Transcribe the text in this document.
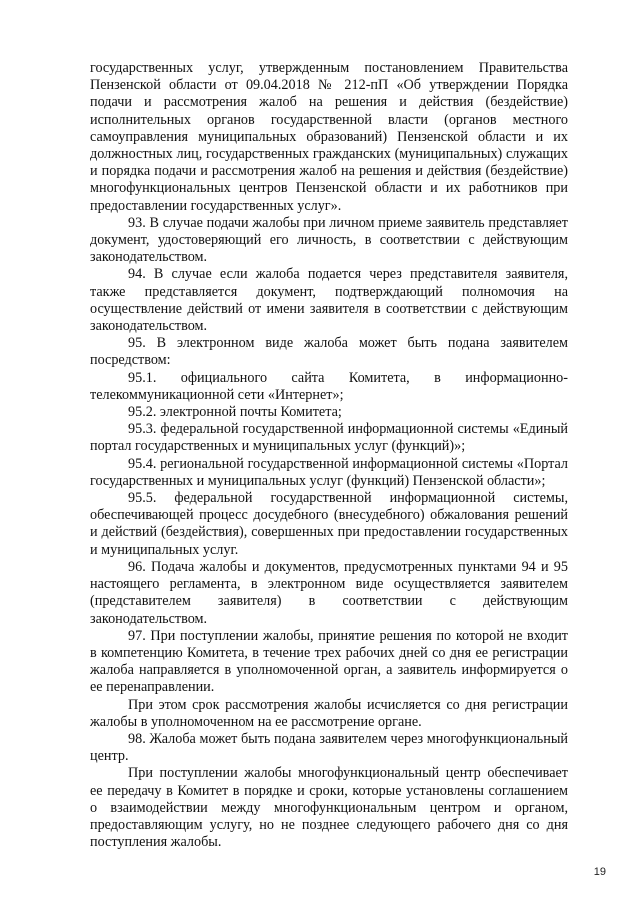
государственных услуг, утвержденным постановлением Правительства Пензенской области от 09.04.2018 № 212-пП «Об утверждении Порядка подачи и рассмотрения жалоб на решения и действия (бездействие) исполнительных органов государственной власти (органов местного самоуправления муниципальных образований) Пензенской области и их должностных лиц, государственных гражданских (муниципальных) служащих и порядка подачи и рассмотрения жалоб на решения и действия (бездействие) многофункциональных центров Пензенской области и их работников при предоставлении государственных услуг».

93. В случае подачи жалобы при личном приеме заявитель представляет документ, удостоверяющий его личность, в соответствии с действующим законодательством.

94. В случае если жалоба подается через представителя заявителя, также представляется документ, подтверждающий полномочия на осуществление действий от имени заявителя в соответствии с действующим законодательством.

95. В электронном виде жалоба может быть подана заявителем посредством:

95.1. официального сайта Комитета, в информационно-телекоммуникационной сети «Интернет»;

95.2. электронной почты Комитета;

95.3. федеральной государственной информационной системы «Единый портал государственных и муниципальных услуг (функций)»;

95.4. региональной государственной информационной системы «Портал государственных и муниципальных услуг (функций) Пензенской области»;

95.5. федеральной государственной информационной системы, обеспечивающей процесс досудебного (внесудебного) обжалования решений и действий (бездействия), совершенных при предоставлении государственных и муниципальных услуг.

96. Подача жалобы и документов, предусмотренных пунктами 94 и 95 настоящего регламента, в электронном виде осуществляется заявителем (представителем заявителя) в соответствии с действующим законодательством.

97. При поступлении жалобы, принятие решения по которой не входит в компетенцию Комитета, в течение трех рабочих дней со дня ее регистрации жалоба направляется в уполномоченной орган, а заявитель информируется о ее перенаправлении.

При этом срок рассмотрения жалобы исчисляется со дня регистрации жалобы в уполномоченном на ее рассмотрение органе.

98. Жалоба может быть подана заявителем через многофункциональный центр.

При поступлении жалобы многофункциональный центр обеспечивает ее передачу в Комитет в порядке и сроки, которые установлены соглашением о взаимодействии между многофункциональным центром и органом, предоставляющим услугу, но не позднее следующего рабочего дня со дня поступления жалобы.

19
